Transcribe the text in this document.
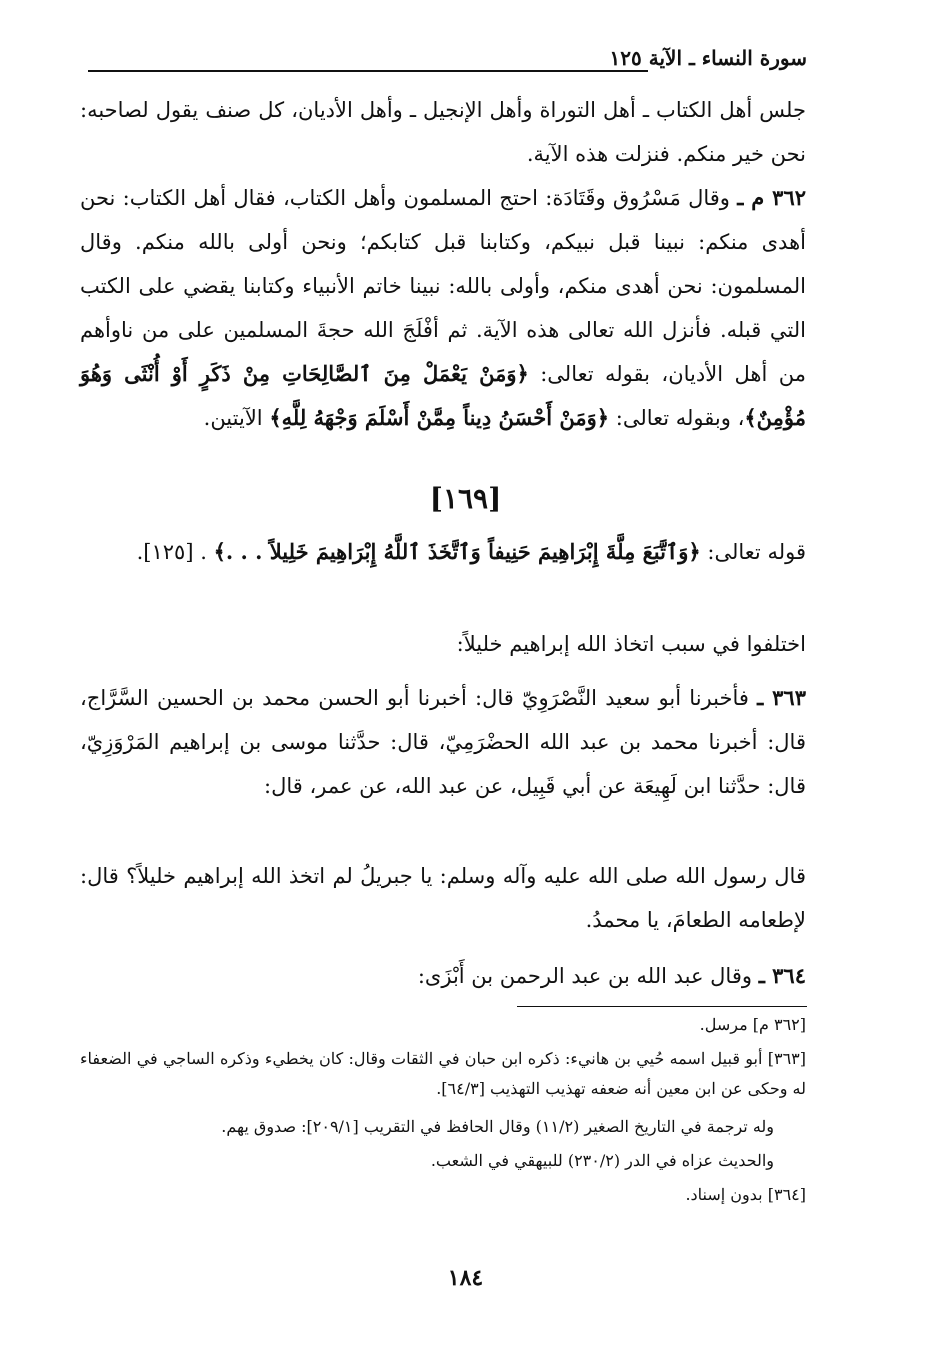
سورة النساء ـ الآية ١٢٥

جلس أهل الكتاب ـ أهل التوراة وأهل الإنجيل ـ وأهل الأديان، كل صنف يقول لصاحبه: نحن خير منكم. فنزلت هذه الآية.

٣٦٢ م ـ وقال مَسْرُوق وقَتَادَة: احتج المسلمون وأهل الكتاب، فقال أهل الكتاب: نحن أهدى منكم: نبينا قبل نبيكم، وكتابنا قبل كتابكم؛ ونحن أولى بالله منكم. وقال المسلمون: نحن أهدى منكم، وأولى بالله: نبينا خاتم الأنبياء وكتابنا يقضي على الكتب التي قبله. فأنزل الله تعالى هذه الآية. ثم أفْلَجَ الله حجةَ المسلمين على من ناوأهم من أهل الأديان، بقوله تعالى: ﴿وَمَنْ يَعْمَلْ مِنَ ٱلصَّالِحَاتِ مِنْ ذَكَرٍ أَوْ أُنْثَى وَهُوَ مُؤْمِنٌ﴾، وبقوله تعالى: ﴿وَمَنْ أَحْسَنُ دِيناً مِمَّنْ أَسْلَمَ وَجْهَهُ لِلَّهِ﴾ الآيتين.

[١٦٩]

قوله تعالى: ﴿وَٱتَّبَعَ مِلَّةَ إِبْرَاهِيمَ حَنِيفاً وَٱتَّخَذَ ٱللَّهُ إِبْرَاهِيمَ خَلِيلاً . . .﴾ . [١٢٥].

اختلفوا في سبب اتخاذ الله إبراهيم خليلاً:

٣٦٣ ـ فأخبرنا أبو سعيد النَّصْرَوِيّ قال: أخبرنا أبو الحسن محمد بن الحسين السَّرَّاج، قال: أخبرنا محمد بن عبد الله الحضْرَمِيّ، قال: حدَّثنا موسى بن إبراهيم المَرْوَزِيّ، قال: حدَّثنا ابن لَهِيعَة عن أبي قَبِيل، عن عبد الله، عن عمر، قال:

قال رسول الله صلى الله عليه وآله وسلم: يا جبريلُ لم اتخذ الله إبراهيم خليلاً؟ قال: لإطعامه الطعامَ، يا محمدُ.

٣٦٤ ـ وقال عبد الله بن عبد الرحمن بن أَبْزَى:

[٣٦٢ م] مرسل.

[٣٦٣] أبو قبيل اسمه حُيي بن هانيء: ذكره ابن حبان في الثقات وقال: كان يخطيء وذكره الساجي في الضعفاء له وحكى عن ابن معين أنه ضعفه تهذيب التهذيب [٦٤/٣].

وله ترجمة في التاريخ الصغير (١١/٢) وقال الحافظ في التقريب [٢٠٩/١]: صدوق يهم.

والحديث عزاه في الدر (٢٣٠/٢) للبيهقي في الشعب.

[٣٦٤] بدون إسناد.

١٨٤
